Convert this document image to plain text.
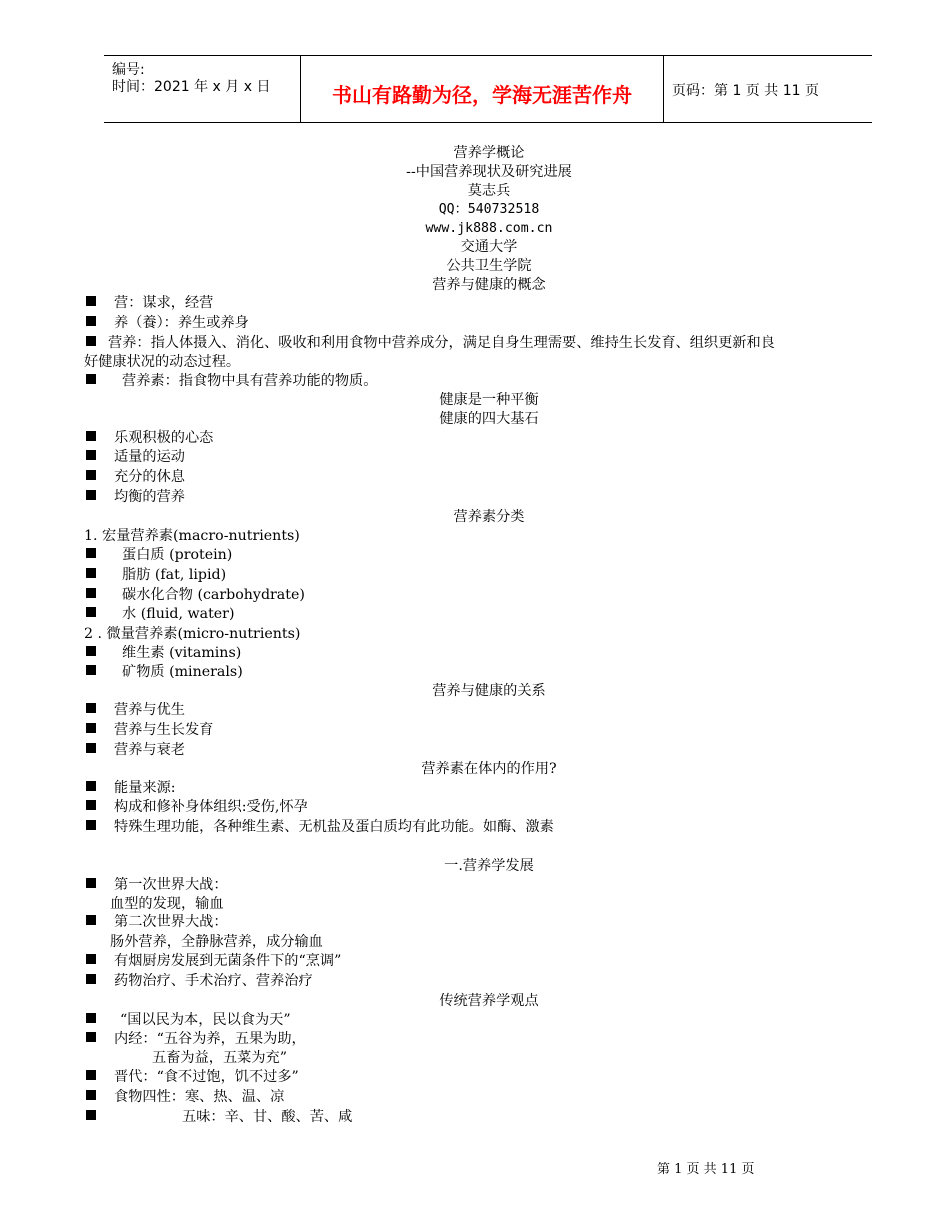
编号:
时间：2021 年 x 月 x 日	书山有路勤为径，学海无涯苦作舟	页码：第 1 页 共 11 页
营养学概论
--中国营养现状及研究进展
莫志兵
QQ：540732518
www.jk888.com.cn
交通大学
公共卫生学院
营养与健康的概念
营：谋求，经营
养（養）：养生或养身
营养：指人体摄入、消化、吸收和利用食物中营养成分，满足自身生理需要、维持生长发育、组织更新和良
好健康状况的动态过程。
营养素：指食物中具有营养功能的物质。
健康是一种平衡
健康的四大基石
乐观积极的心态
适量的运动
充分的休息
均衡的营养
营养素分类
1. 宏量营养素(macro-nutrients)
蛋白质 (protein)
脂肪 (fat, lipid)
碳水化合物 (carbohydrate)
水 (fluid, water)
2 . 微量营养素(micro-nutrients)
维生素 (vitamins)
矿物质 (minerals)
营养与健康的关系
营养与优生
营养与生长发育
营养与衰老
营养素在体内的作用?
能量来源:
构成和修补身体组织:受伤,怀孕
特殊生理功能，各种维生素、无机盐及蛋白质均有此功能。如酶、激素
一.营养学发展
第一次世界大战：
血型的发现，输血
第二次世界大战：
肠外营养，全静脉营养，成分输血
有烟厨房发展到无菌条件下的“烹调”
药物治疗、手术治疗、营养治疗
传统营养学观点
“国以民为本，民以食为天”
内经：“五谷为养，五果为助，
五畜为益，五菜为充”
晋代：“食不过饱，饥不过多”
食物四性：寒、热、温、凉
五味：辛、甘、酸、苦、咸
第 1 页 共 11 页
